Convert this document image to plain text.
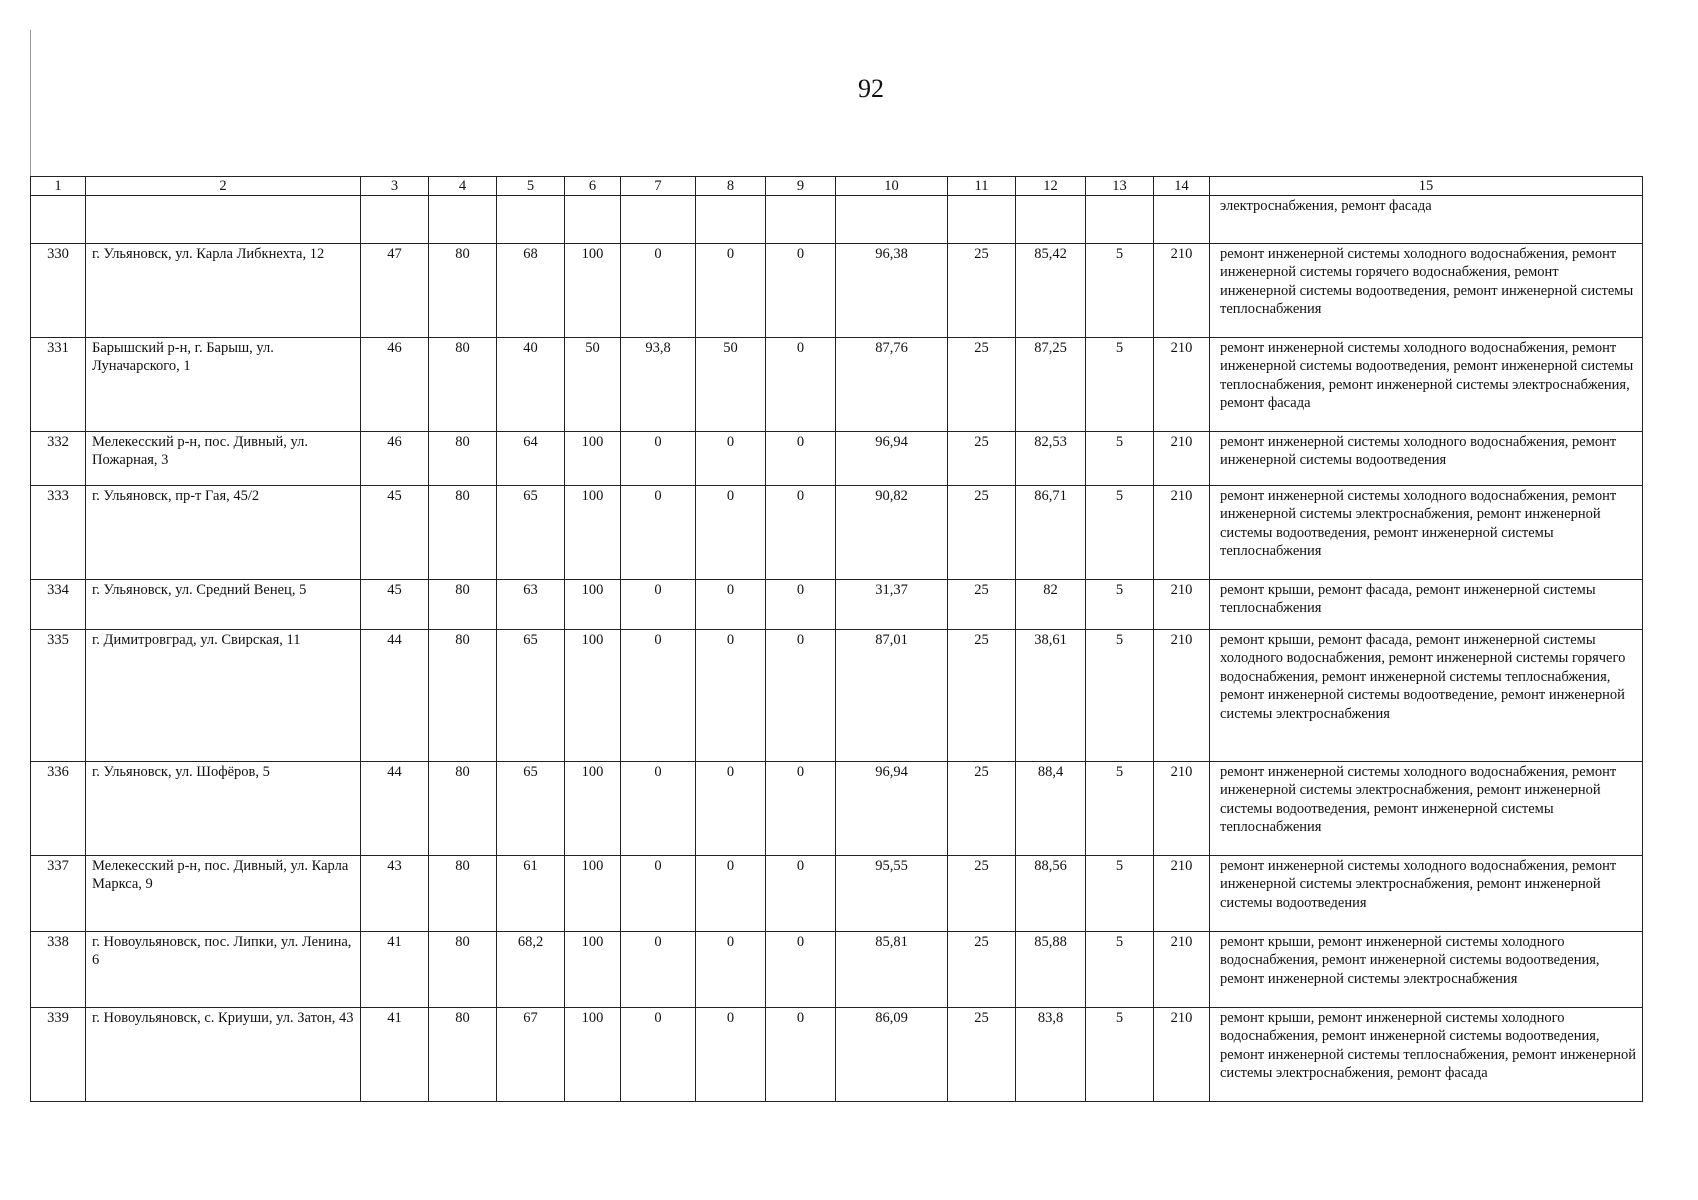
92
1	2	3	4	5	6	7	8	9	10	11	12	13	14	15
														электроснабжения, ремонт фасада
330	г. Ульяновск, ул. Карла Либкнехта, 12	47	80	68	100	0	0	0	96,38	25	85,42	5	210	ремонт инженерной системы холодного водоснабжения, ремонт инженерной системы горячего водоснабжения, ремонт инженерной системы водоотведения, ремонт инженерной системы теплоснабжения
331	Барышский р-н, г. Барыш, ул. Луначарского, 1	46	80	40	50	93,8	50	0	87,76	25	87,25	5	210	ремонт инженерной системы холодного водоснабжения, ремонт инженерной системы водоотведения, ремонт инженерной системы теплоснабжения, ремонт инженерной системы электроснабжения, ремонт фасада
332	Мелекесский р-н, пос. Дивный, ул. Пожарная, 3	46	80	64	100	0	0	0	96,94	25	82,53	5	210	ремонт инженерной системы холодного водоснабжения, ремонт инженерной системы водоотведения
333	г. Ульяновск, пр-т Гая, 45/2	45	80	65	100	0	0	0	90,82	25	86,71	5	210	ремонт инженерной системы холодного водоснабжения, ремонт инженерной системы электроснабжения, ремонт инженерной системы водоотведения, ремонт инженерной системы теплоснабжения
334	г. Ульяновск, ул. Средний Венец, 5	45	80	63	100	0	0	0	31,37	25	82	5	210	ремонт крыши, ремонт фасада, ремонт инженерной системы теплоснабжения
335	г. Димитровград, ул. Свирская, 11	44	80	65	100	0	0	0	87,01	25	38,61	5	210	ремонт крыши, ремонт фасада, ремонт инженерной системы холодного водоснабжения, ремонт инженерной системы горячего водоснабжения, ремонт инженерной системы теплоснабжения, ремонт инженерной системы водоотведениe, ремонт инженерной системы электроснабжения
336	г. Ульяновск, ул. Шофёров, 5	44	80	65	100	0	0	0	96,94	25	88,4	5	210	ремонт инженерной системы холодного водоснабжения, ремонт инженерной системы электроснабжения, ремонт инженерной системы водоотведения, ремонт инженерной системы теплоснабжения
337	Мелекесский р-н, пос. Дивный, ул. Карла Маркса, 9	43	80	61	100	0	0	0	95,55	25	88,56	5	210	ремонт инженерной системы холодного водоснабжения, ремонт инженерной системы электроснабжения, ремонт инженерной системы водоотведения
338	г. Новоульяновск, пос. Липки, ул. Ленина, 6	41	80	68,2	100	0	0	0	85,81	25	85,88	5	210	ремонт крыши, ремонт инженерной системы холодного водоснабжения, ремонт инженерной системы водоотведения, ремонт инженерной системы электроснабжения
339	г. Новоульяновск, с. Криуши, ул. Затон, 43	41	80	67	100	0	0	0	86,09	25	83,8	5	210	ремонт крыши, ремонт инженерной системы холодного водоснабжения, ремонт инженерной системы водоотведения, ремонт инженерной системы теплоснабжения, ремонт инженерной системы электроснабжения, ремонт фасада
